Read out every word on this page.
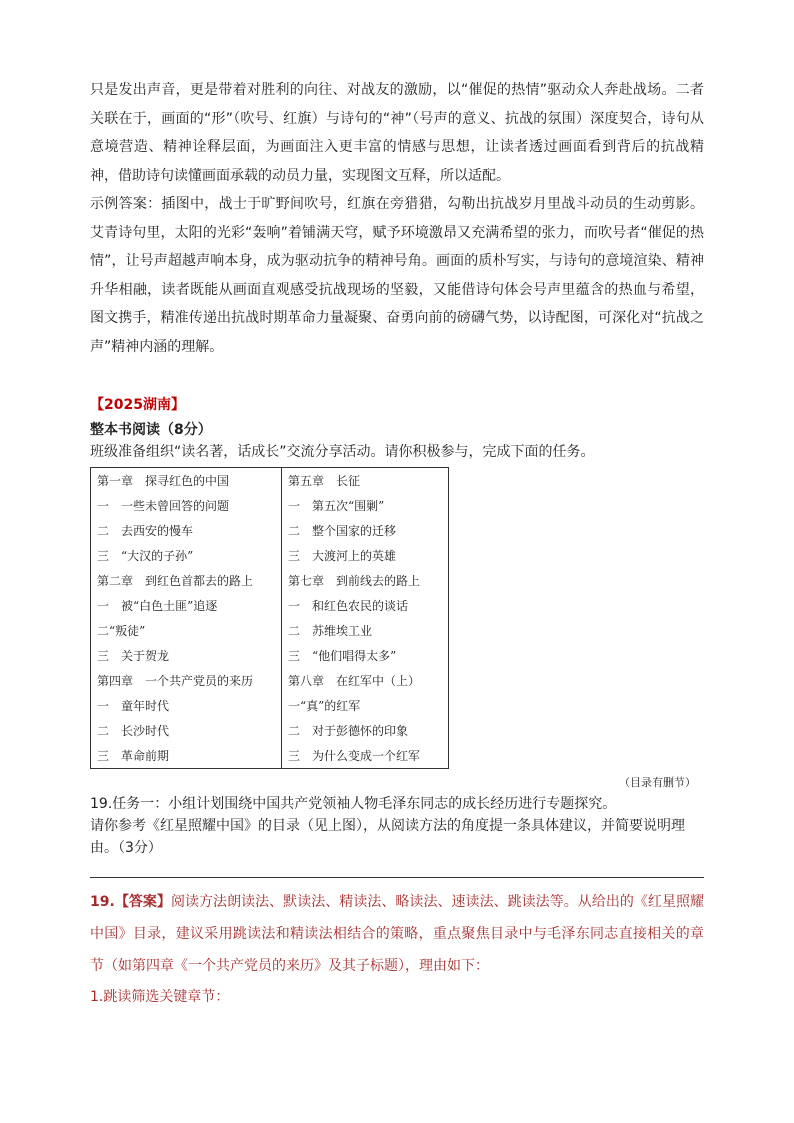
只是发出声音，更是带着对胜利的向往、对战友的激励，以“催促的热情”驱动众人奔赴战场。二者关联在于，画面的“形”（吹号、红旗）与诗句的“神”（号声的意义、抗战的氛围）深度契合，诗句从意境营造、精神诠释层面，为画面注入更丰富的情感与思想，让读者透过画面看到背后的抗战精神，借助诗句读懂画面承载的动员力量，实现图文互释，所以适配。

示例答案：插图中，战士于旷野间吹号，红旗在旁猎猎，勾勒出抗战岁月里战斗动员的生动剪影。艾青诗句里，太阳的光彩“轰响”着铺满天穹，赋予环境激昂又充满希望的张力，而吹号者“催促的热情”，让号声超越声响本身，成为驱动抗争的精神号角。画面的质朴写实，与诗句的意境渲染、精神升华相融，读者既能从画面直观感受抗战现场的坚毅，又能借诗句体会号声里蕴含的热血与希望，图文携手，精准传递出抗战时期革命力量凝聚、奋勇向前的磅礴气势，以诗配图，可深化对“抗战之声”精神内涵的理解。

【2025湖南】
整本书阅读（8分）
班级准备组织“读名著，话成长”交流分享活动。请你积极参与，完成下面的任务。
第一章　探寻红色的中国	第五章　长征
一　一些未曾回答的问题	一　第五次“围剿”
二　去西安的慢车	二　整个国家的迁移
三　“大汉的子孙”	三　大渡河上的英雄
第二章　到红色首都去的路上	第七章　到前线去的路上
一　被“白色土匪”追逐	一　和红色农民的谈话
二“叛徒”	二　苏维埃工业
三　关于贺龙	三　“他们唱得太多”
第四章　一个共产党员的来历	第八章　在红军中（上）
一　童年时代	一“真”的红军
二　长沙时代	二　对于彭德怀的印象
三　革命前期	三　为什么变成一个红军
（目录有删节）
19.任务一：小组计划围绕中国共产党领袖人物毛泽东同志的成长经历进行专题探究。
请你参考《红星照耀中国》的目录（见上图），从阅读方法的角度提一条具体建议，并简要说明理由。（3分）

19.【答案】阅读方法朗读法、默读法、精读法、略读法、速读法、跳读法等。从给出的《红星照耀中国》目录，建议采用跳读法和精读法相结合的策略，重点聚焦目录中与毛泽东同志直接相关的章节（如第四章《一个共产党员的来历》及其子标题），理由如下：

1.跳读筛选关键章节：
